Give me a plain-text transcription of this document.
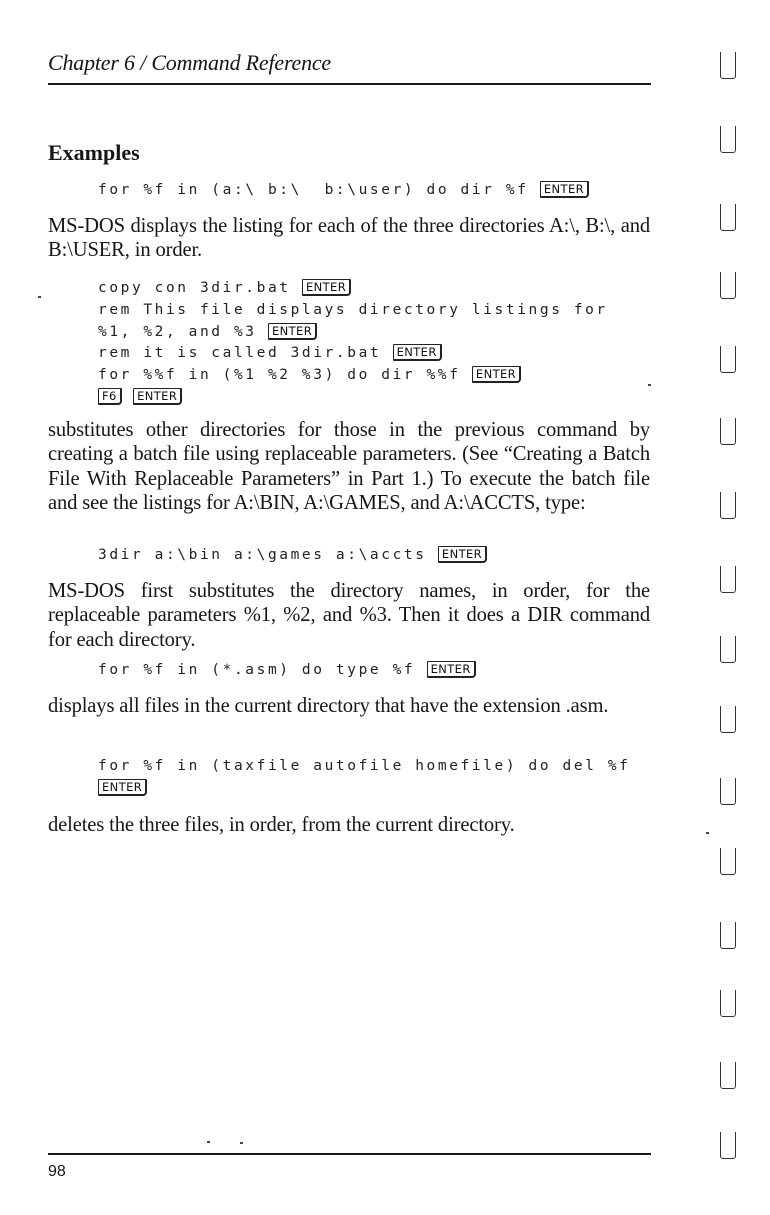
Chapter 6 / Command Reference
Examples
for %f in (a:\ b:\  b:\user) do dir %f ENTER

MS-DOS displays the listing for each of the three directories A:\, B:\, and B:\USER, in order.

copy con 3dir.bat ENTER
rem This file displays directory listings for
%1, %2, and %3 ENTER
rem it is called 3dir.bat ENTER
for %%f in (%1 %2 %3) do dir %%f ENTER
F6 ENTER

substitutes other directories for those in the previous command by creating a batch file using replaceable parameters. (See “Creating a Batch File With Replaceable Parameters” in Part 1.) To execute the batch file and see the listings for A:\BIN, A:\GAMES, and A:\ACCTS, type:

3dir a:\bin a:\games a:\accts ENTER

MS-DOS first substitutes the directory names, in order, for the replaceable parameters %1, %2, and %3. Then it does a DIR command for each directory.

for %f in (*.asm) do type %f ENTER

displays all files in the current directory that have the extension .asm.

for %f in (taxfile autofile homefile) do del %f
ENTER

deletes the three files, in order, from the current directory.

98
